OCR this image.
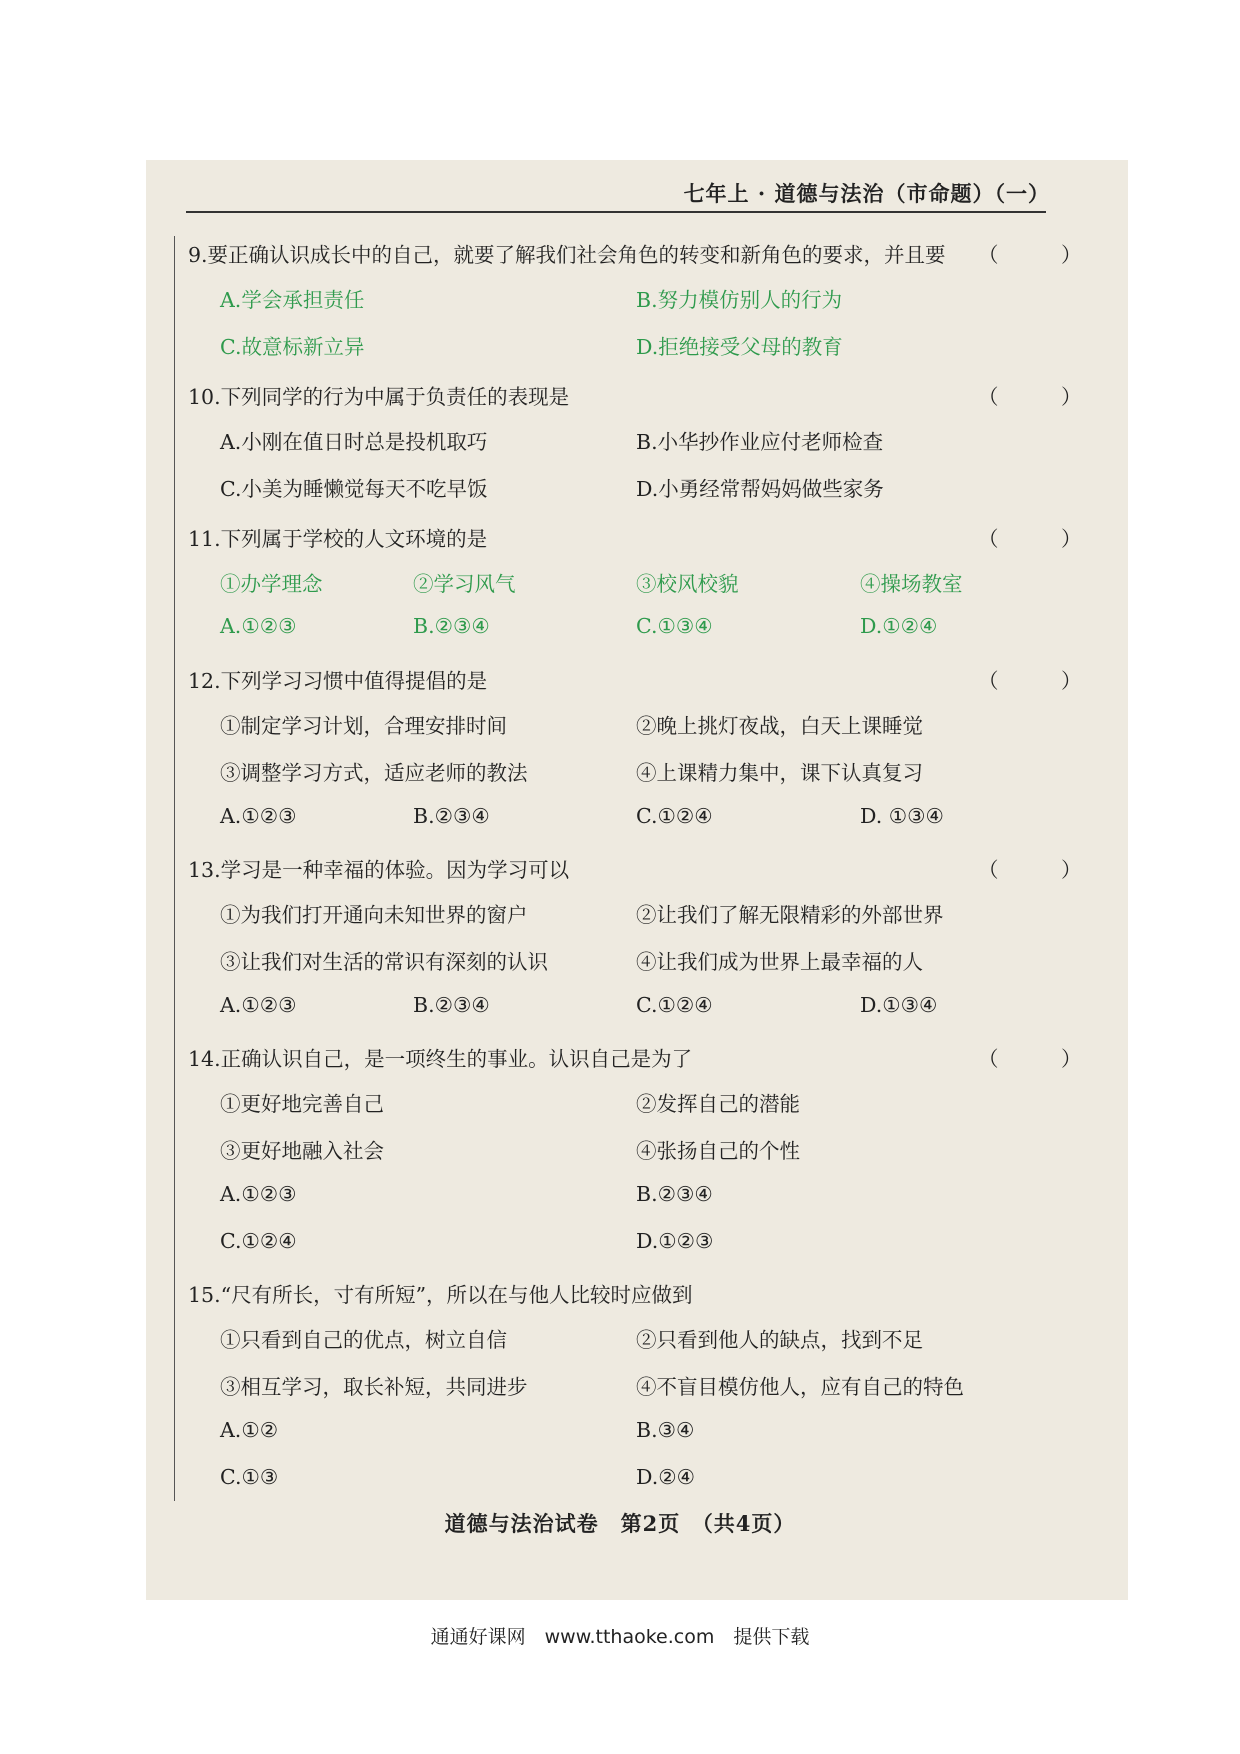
七年上 · 道德与法治（市命题）（一）
9.要正确认识成长中的自己，就要了解我们社会角色的转变和新角色的要求，并且要 （ ）
A.学会承担责任	B.努力模仿别人的行为
C.故意标新立异	D.拒绝接受父母的教育
10.下列同学的行为中属于负责任的表现是	（ ）
A.小刚在值日时总是投机取巧	B.小华抄作业应付老师检查
C.小美为睡懒觉每天不吃早饭	D.小勇经常帮妈妈做些家务
11.下列属于学校的人文环境的是	（ ）
①办学理念	②学习风气	③校风校貌	④操场教室
A.①②③	B.②③④	C.①③④	D.①②④
12.下列学习习惯中值得提倡的是	（ ）
①制定学习计划，合理安排时间	②晚上挑灯夜战，白天上课睡觉
③调整学习方式，适应老师的教法	④上课精力集中，课下认真复习
A.①②③	B.②③④	C.①②④	D. ①③④
13.学习是一种幸福的体验。因为学习可以	（ ）
①为我们打开通向未知世界的窗户	②让我们了解无限精彩的外部世界
③让我们对生活的常识有深刻的认识	④让我们成为世界上最幸福的人
A.①②③	B.②③④	C.①②④	D.①③④
14.正确认识自己，是一项终生的事业。认识自己是为了	（ ）
①更好地完善自己	②发挥自己的潜能
③更好地融入社会	④张扬自己的个性
A.①②③	B.②③④
C.①②④	D.①②③
15.“尺有所长，寸有所短”，所以在与他人比较时应做到
①只看到自己的优点，树立自信	②只看到他人的缺点，找到不足
③相互学习，取长补短，共同进步	④不盲目模仿他人，应有自己的特色
A.①②	B.③④
C.①③	D.②④
道德与法治试卷　第2页　（共4页）
通通好课网　www.tthaoke.com　提供下载
